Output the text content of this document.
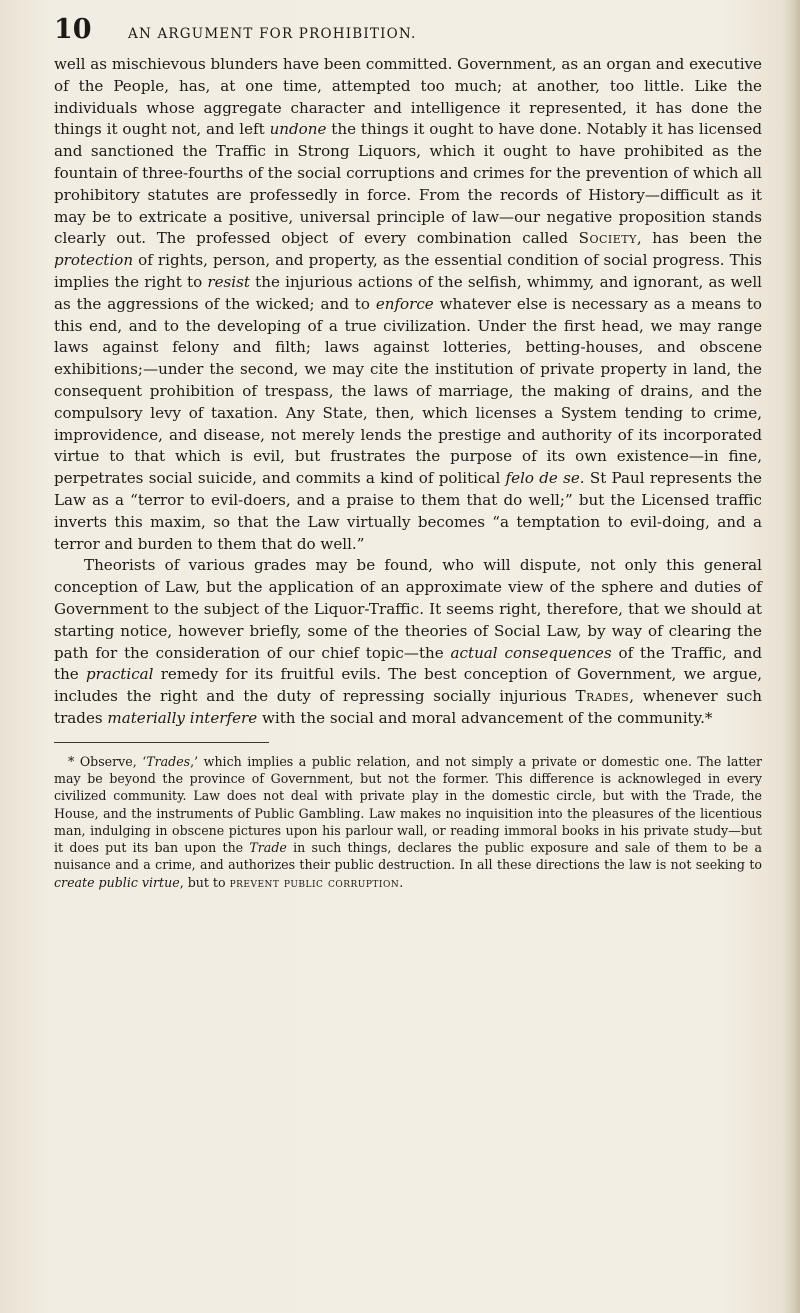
10	AN ARGUMENT FOR PROHIBITION.

well as mischievous blunders have been committed. Government, as an organ and executive of the People, has, at one time, attempted too much; at another, too little. Like the individuals whose aggregate character and intelligence it represented, it has done the things it ought not, and left undone the things it ought to have done. Notably it has licensed and sanctioned the Traffic in Strong Liquors, which it ought to have prohibited as the fountain of three-fourths of the social corruptions and crimes for the prevention of which all prohibitory statutes are professedly in force. From the records of History—difficult as it may be to extricate a positive, universal principle of law—our negative proposition stands clearly out. The professed object of every combination called Society, has been the protection of rights, person, and property, as the essential condition of social progress. This implies the right to resist the injurious actions of the selfish, whimmy, and ignorant, as well as the aggressions of the wicked; and to enforce whatever else is necessary as a means to this end, and to the developing of a true civilization. Under the first head, we may range laws against felony and filth; laws against lotteries, betting-houses, and obscene exhibitions;—under the second, we may cite the institution of private property in land, the consequent prohibition of trespass, the laws of marriage, the making of drains, and the compulsory levy of taxation. Any State, then, which licenses a System tending to crime, improvidence, and disease, not merely lends the prestige and authority of its incorporated virtue to that which is evil, but frustrates the purpose of its own existence—in fine, perpetrates social suicide, and commits a kind of political felo de se. St Paul represents the Law as a “terror to evil-doers, and a praise to them that do well;” but the Licensed traffic inverts this maxim, so that the Law virtually becomes “a temptation to evil-doing, and a terror and burden to them that do well.”

Theorists of various grades may be found, who will dispute, not only this general conception of Law, but the application of an approximate view of the sphere and duties of Government to the subject of the Liquor-Traffic. It seems right, therefore, that we should at starting notice, however briefly, some of the theories of Social Law, by way of clearing the path for the consideration of our chief topic—the actual consequences of the Traffic, and the practical remedy for its fruitful evils. The best conception of Government, we argue, includes the right and the duty of repressing socially injurious Trades, whenever such trades materially interfere with the social and moral advancement of the community.*

* Observe, ‘Trades,’ which implies a public relation, and not simply a private or domestic one. The latter may be beyond the province of Government, but not the former. This difference is acknowleged in every civilized community. Law does not deal with private play in the domestic circle, but with the Trade, the House, and the instruments of Public Gambling. Law makes no inquisition into the pleasures of the licentious man, indulging in obscene pictures upon his parlour wall, or reading immoral books in his private study—but it does put its ban upon the Trade in such things, declares the public exposure and sale of them to be a nuisance and a crime, and authorizes their public destruction. In all these directions the law is not seeking to create public virtue, but to prevent public corruption.
